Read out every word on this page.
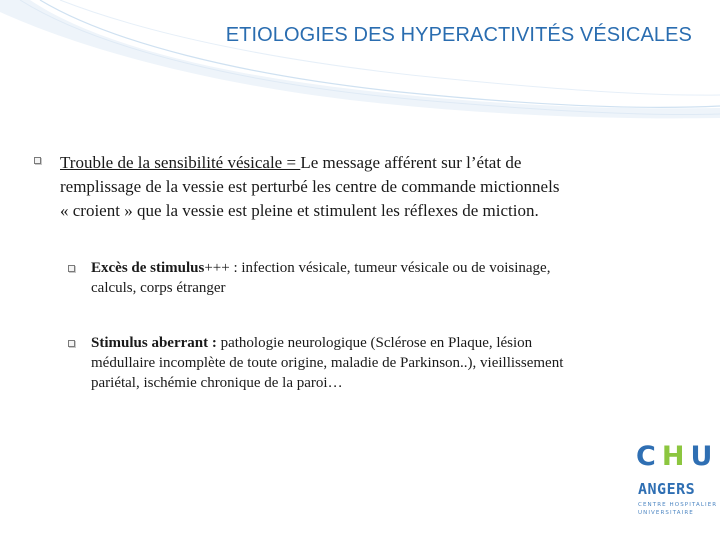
ETIOLOGIES DES HYPERACTIVITÉS VÉSICALES
Trouble de la sensibilité vésicale = Le message afférent sur l’état de
remplissage de la vessie est perturbé les centre de commande mictionnels
« croient » que la vessie est pleine et stimulent les réflexes de miction.
Excès de stimulus+++ : infection vésicale, tumeur vésicale ou de voisinage,
calculs, corps étranger
Stimulus aberrant : pathologie neurologique (Sclérose en Plaque, lésion
médullaire incomplète de toute origine, maladie de Parkinson..), vieillissement
pariétal, ischémie chronique de la paroi…
C H U
ANGERS
CENTRE HOSPITALIER
UNIVERSITAIRE
